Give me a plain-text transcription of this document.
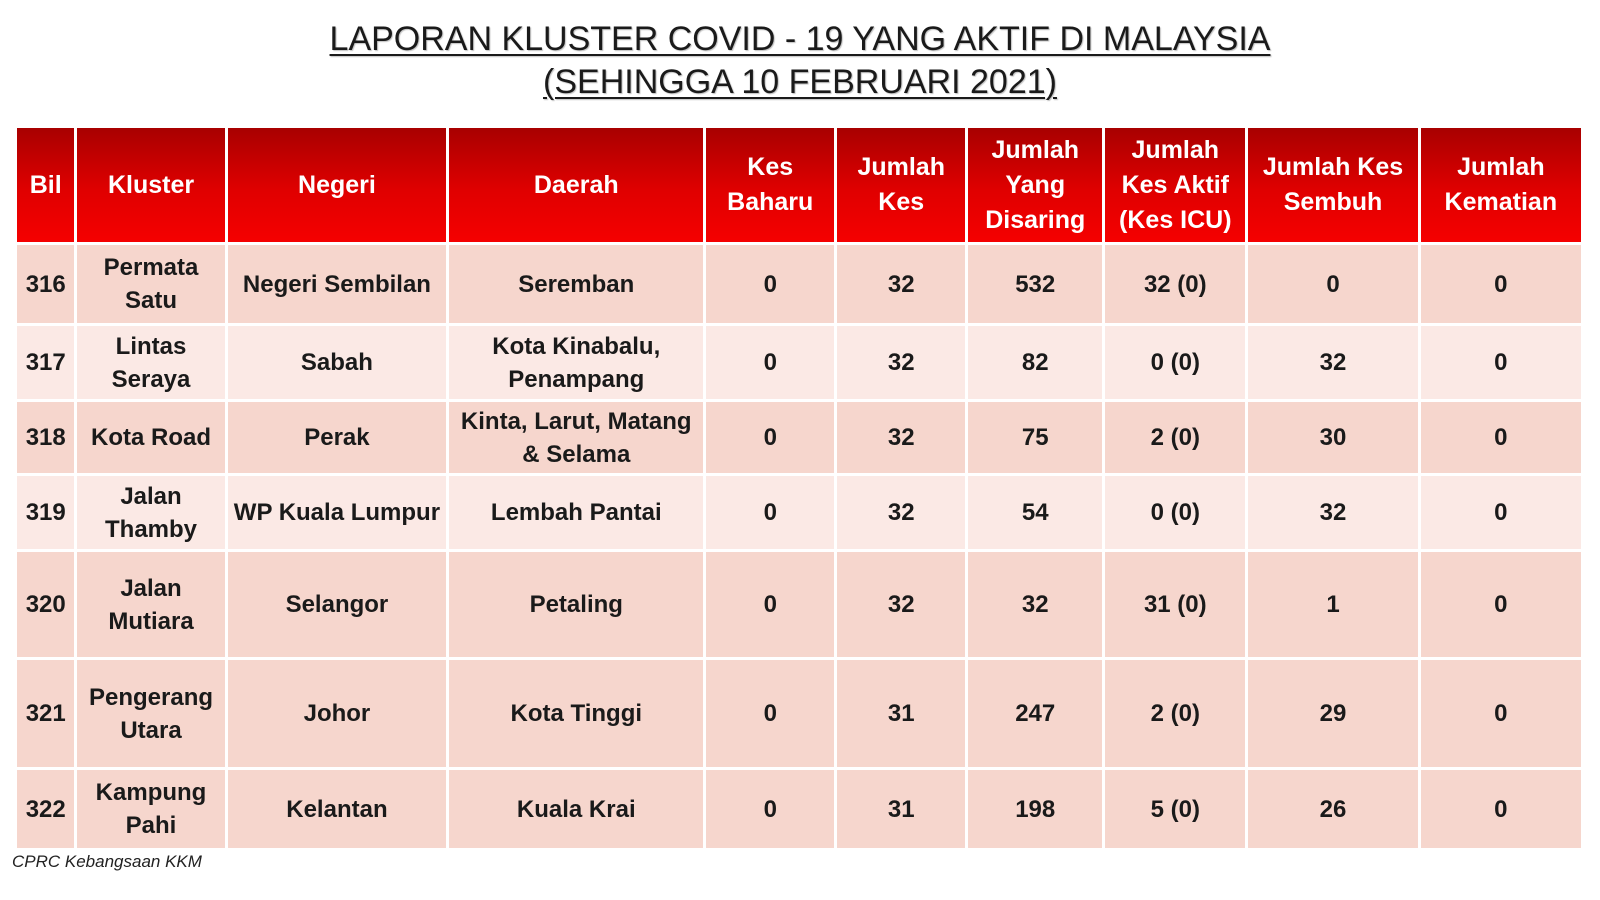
LAPORAN KLUSTER COVID - 19 YANG AKTIF DI MALAYSIA
(SEHINGGA 10 FEBRUARI 2021)
Bil	Kluster	Negeri	Daerah	Kes Baharu	Jumlah Kes	Jumlah Yang Disaring	Jumlah Kes Aktif (Kes ICU)	Jumlah Kes Sembuh	Jumlah Kematian
316	Permata Satu	Negeri Sembilan	Seremban	0	32	532	32 (0)	0	0
317	Lintas Seraya	Sabah	Kota Kinabalu, Penampang	0	32	82	0 (0)	32	0
318	Kota Road	Perak	Kinta, Larut, Matang & Selama	0	32	75	2 (0)	30	0
319	Jalan Thamby	WP Kuala Lumpur	Lembah Pantai	0	32	54	0 (0)	32	0
320	Jalan Mutiara	Selangor	Petaling	0	32	32	31 (0)	1	0
321	Pengerang Utara	Johor	Kota Tinggi	0	31	247	2 (0)	29	0
322	Kampung Pahi	Kelantan	Kuala Krai	0	31	198	5 (0)	26	0
CPRC Kebangsaan KKM
